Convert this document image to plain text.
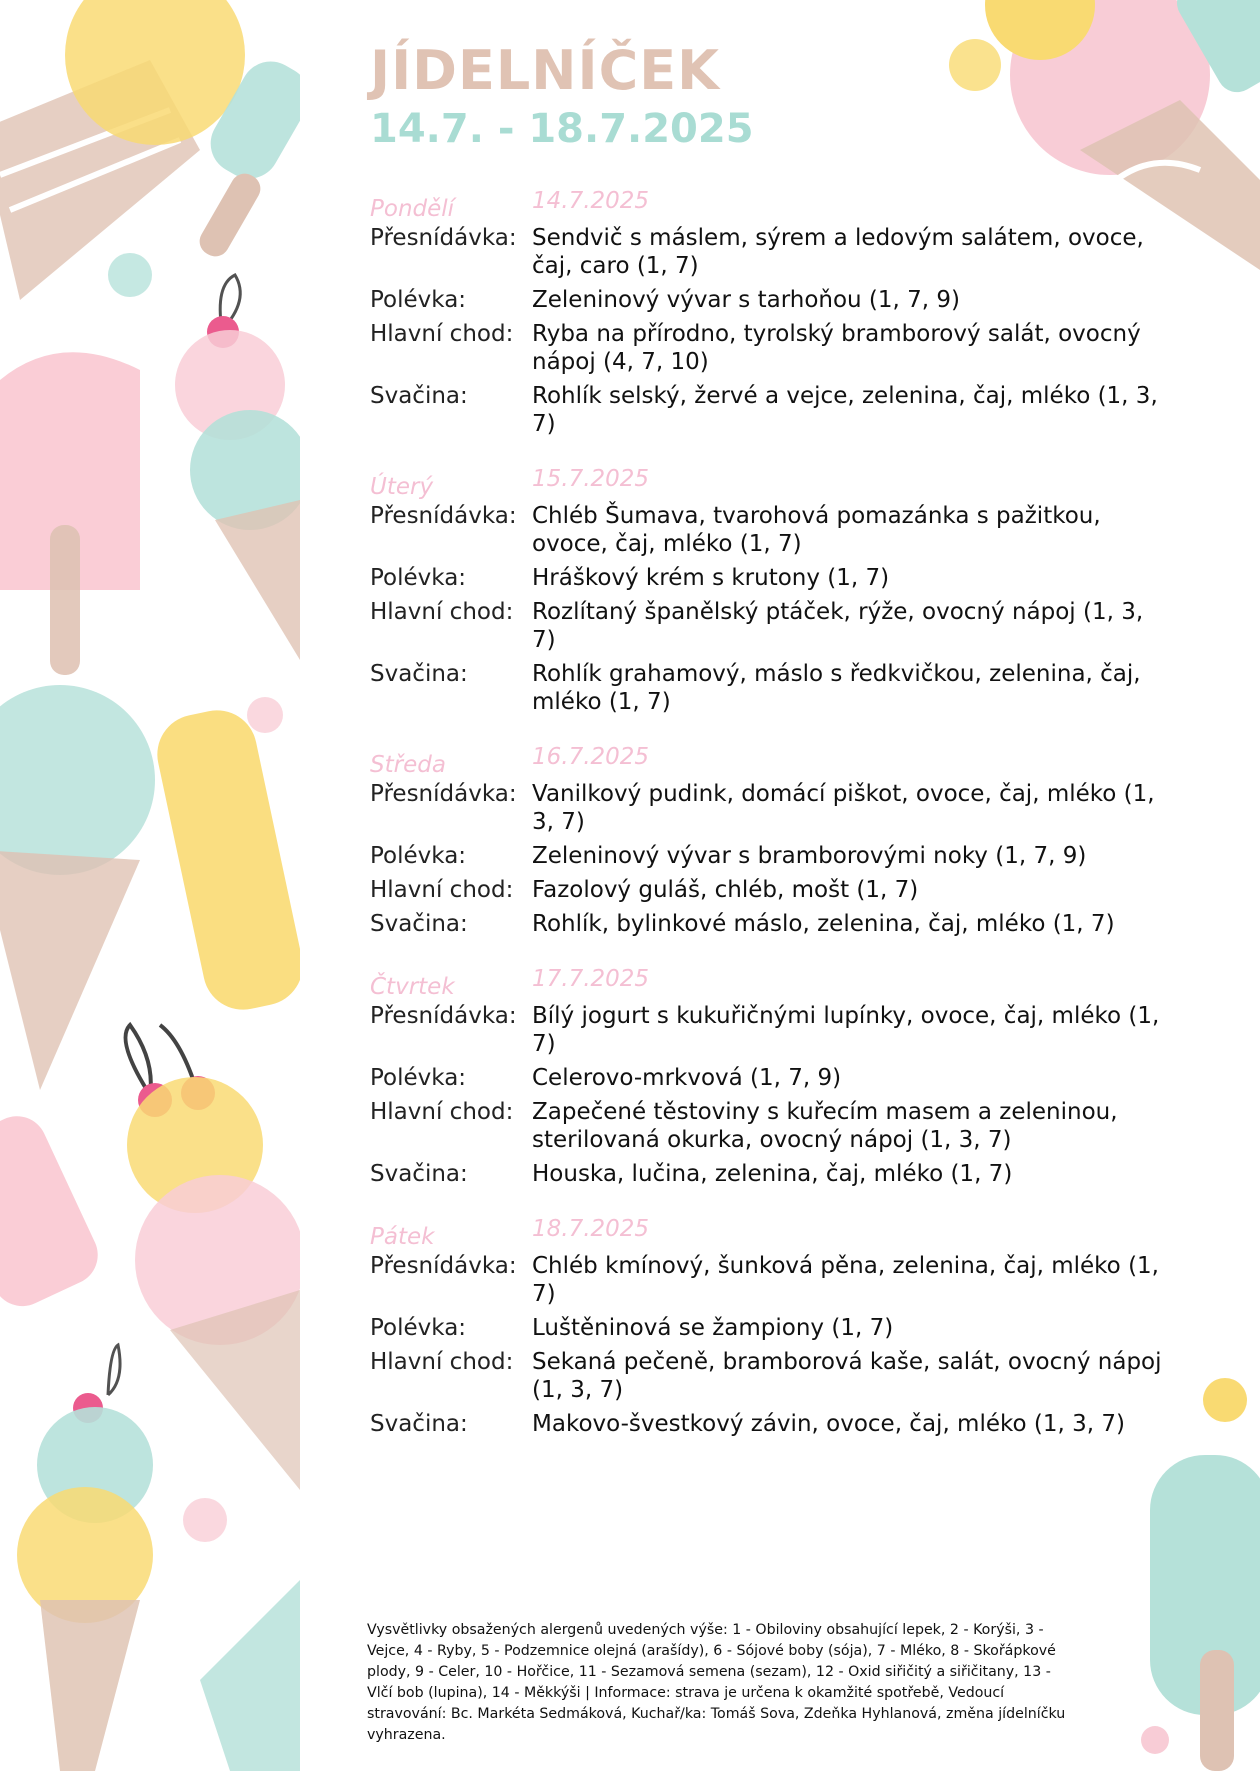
JÍDELNÍČEK
14.7. - 18.7.2025
Pondělí	14.7.2025
Přesnídávka: Sendvič s máslem, sýrem a ledovým salátem, ovoce, čaj, caro (1, 7)
Polévka:	Zeleninový vývar s tarhoňou (1, 7, 9)
Hlavní chod: Ryba na přírodno, tyrolský bramborový salát, ovocný nápoj (4, 7, 10)
Svačina:	Rohlík selský, žervé a vejce, zelenina, čaj, mléko (1, 3, 7)
Úterý	15.7.2025
Přesnídávka: Chléb Šumava, tvarohová pomazánka s pažitkou, ovoce, čaj, mléko (1, 7)
Polévka:	Hráškový krém s krutony (1, 7)
Hlavní chod: Rozlítaný španělský ptáček, rýže, ovocný nápoj (1, 3, 7)
Svačina:	Rohlík grahamový, máslo s ředkvičkou, zelenina, čaj, mléko (1, 7)
Středa	16.7.2025
Přesnídávka: Vanilkový pudink, domácí piškot, ovoce, čaj, mléko (1, 3, 7)
Polévka:	Zeleninový vývar s bramborovými noky (1, 7, 9)
Hlavní chod: Fazolový guláš, chléb, mošt (1, 7)
Svačina:	Rohlík, bylinkové máslo, zelenina, čaj, mléko (1, 7)
Čtvrtek	17.7.2025
Přesnídávka: Bílý jogurt s kukuřičnými lupínky, ovoce, čaj, mléko (1, 7)
Polévka:	Celerovo-mrkvová (1, 7, 9)
Hlavní chod: Zapečené těstoviny s kuřecím masem a zeleninou, sterilovaná okurka, ovocný nápoj (1, 3, 7)
Svačina:	Houska, lučina, zelenina, čaj, mléko (1, 7)
Pátek	18.7.2025
Přesnídávka: Chléb kmínový, šunková pěna, zelenina, čaj, mléko (1, 7)
Polévka:	Luštěninová se žampiony (1, 7)
Hlavní chod: Sekaná pečeně, bramborová kaše, salát, ovocný nápoj (1, 3, 7)
Svačina:	Makovo-švestkový závin, ovoce, čaj, mléko (1, 3, 7)
Vysvětlivky obsažených alergenů uvedených výše: 1 - Obiloviny obsahující lepek, 2 - Korýši, 3 - Vejce, 4 - Ryby, 5 - Podzemnice olejná (arašídy), 6 - Sójové boby (sója), 7 - Mléko, 8 - Skořápkové plody, 9 - Celer, 10 - Hořčice, 11 - Sezamová semena (sezam), 12 - Oxid siřičitý a siřičitany, 13 - Vlčí bob (lupina), 14 - Měkkýši | Informace: strava je určena k okamžité spotřebě, Vedoucí stravování: Bc. Markéta Sedmáková, Kuchař/ka: Tomáš Sova, Zdeňka Hyhlanová, změna jídelníčku vyhrazena.
